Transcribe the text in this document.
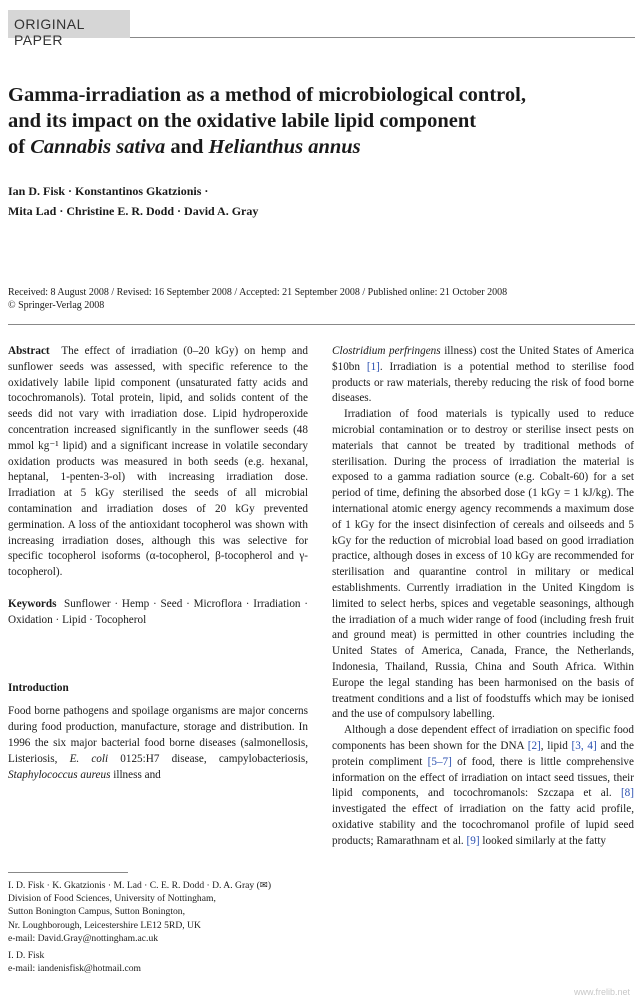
ORIGINAL PAPER
Gamma-irradiation as a method of microbiological control,
and its impact on the oxidative labile lipid component
of Cannabis sativa and Helianthus annus
Ian D. Fisk · Konstantinos Gkatzionis ·
Mita Lad · Christine E. R. Dodd · David A. Gray
Received: 8 August 2008 / Revised: 16 September 2008 / Accepted: 21 September 2008 / Published online: 21 October 2008
© Springer-Verlag 2008

Abstract The effect of irradiation (0–20 kGy) on hemp and sunflower seeds was assessed, with specific reference to the oxidatively labile lipid component (unsaturated fatty acids and tocochromanols). Total protein, lipid, and solids content of the seeds did not vary with irradiation dose. Lipid hydroperoxide concentration increased significantly in the sunflower seeds (48 mmol kg⁻¹ lipid) and a significant increase in volatile secondary oxidation products was measured in both seeds (e.g. hexanal, heptanal, 1-penten-3-ol) with increasing irradiation dose. Irradiation at 5 kGy sterilised the seeds of all microbial contamination and irradiation doses of 20 kGy prevented germination. A loss of the antioxidant tocopherol was shown with increasing irradiation doses, although this was selective for specific tocopherol isoforms (α-tocopherol, β-tocopherol and γ-tocopherol).

Keywords Sunflower · Hemp · Seed · Microflora · Irradiation · Oxidation · Lipid · Tocopherol

Introduction

Food borne pathogens and spoilage organisms are major concerns during food production, manufacture, storage and distribution. In 1996 the six major bacterial food borne diseases (salmonellosis, Listeriosis, E. coli 0125:H7 disease, campylobacteriosis, Staphylococcus aureus illness and

I. D. Fisk · K. Gkatzionis · M. Lad · C. E. R. Dodd · D. A. Gray (✉)

Division of Food Sciences, University of Nottingham,

Sutton Bonington Campus, Sutton Bonington,

Nr. Loughborough, Leicestershire LE12 5RD, UK

e-mail: David.Gray@nottingham.ac.uk

I. D. Fisk

e-mail: iandenisfisk@hotmail.com

Clostridium perfringens illness) cost the United States of America $10bn [1]. Irradiation is a potential method to sterilise food products or raw materials, thereby reducing the risk of food borne diseases.

Irradiation of food materials is typically used to reduce microbial contamination or to destroy or sterilise insect pests on materials that cannot be treated by traditional methods of sterilisation. During the process of irradiation the material is exposed to a gamma radiation source (e.g. Cobalt-60) for a set period of time, defining the absorbed dose (1 kGy = 1 kJ/kg). The international atomic energy agency recommends a maximum dose of 1 kGy for the insect disinfection of cereals and oilseeds and 5 kGy for the reduction of microbial load based on good irradiation practice, although doses in excess of 10 kGy are recommended for sterilisation and quarantine control in military or medical establishments. Currently irradiation in the United Kingdom is limited to select herbs, spices and vegetable seasonings, although the irradiation of a much wider range of food (including fresh fruit and ground meat) is permitted in other countries including the United States of America, Canada, France, the Netherlands, Indonesia, Thailand, Russia, China and South Africa. Within Europe the legal standing has been harmonised on the basis of treatment conditions and a list of foodstuffs which may be ionised and the use of compulsory labelling.

Although a dose dependent effect of irradiation on specific food components has been shown for the DNA [2], lipid [3, 4] and the protein compliment [5–7] of food, there is little comprehensive information on the effect of irradiation on intact seed tissues, their lipid components, and tocochromanols: Szczapa et al. [8] investigated the effect of irradiation on the fatty acid profile, oxidative stability and the tocochromanol profile of lupid seed products; Ramarathnam et al. [9] looked similarly at the fatty

www.frelib.net
